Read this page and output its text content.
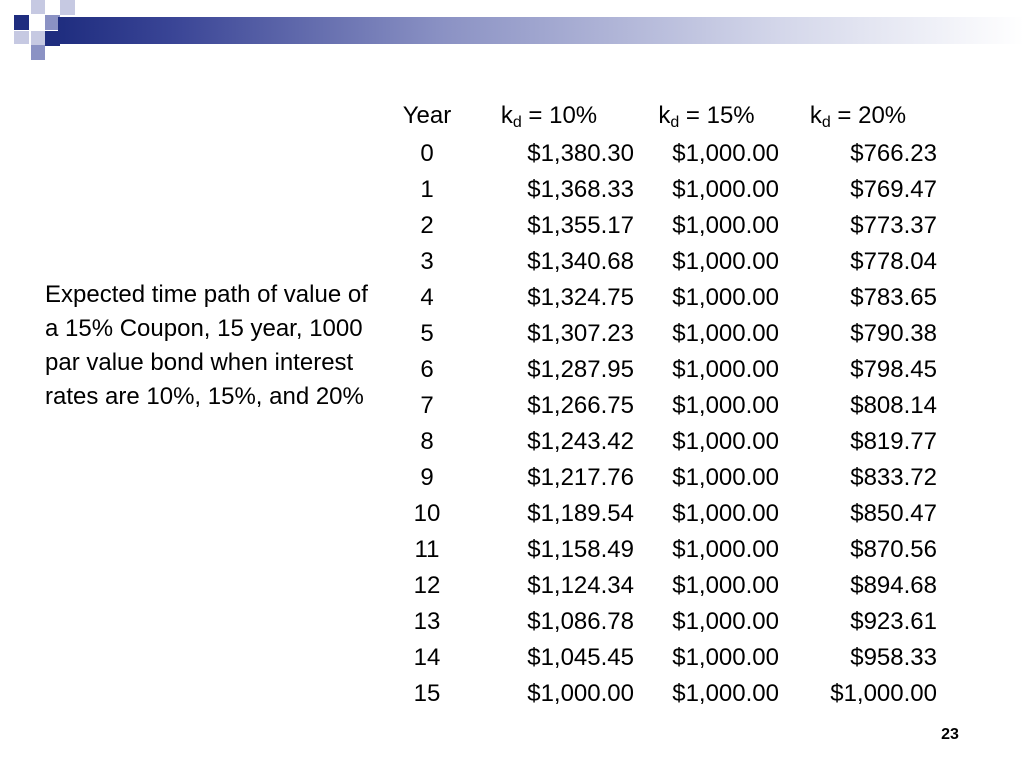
Expected time path of value of a 15% Coupon, 15 year, 1000 par value bond when interest rates are 10%, 15%, and 20%
Year	$k_d = 10\%$	$k_d = 15\%$	$k_d = 20\%$
0	$1,380.30	$1,000.00	$766.23
1	$1,368.33	$1,000.00	$769.47
2	$1,355.17	$1,000.00	$773.37
3	$1,340.68	$1,000.00	$778.04
4	$1,324.75	$1,000.00	$783.65
5	$1,307.23	$1,000.00	$790.38
6	$1,287.95	$1,000.00	$798.45
7	$1,266.75	$1,000.00	$808.14
8	$1,243.42	$1,000.00	$819.77
9	$1,217.76	$1,000.00	$833.72
10	$1,189.54	$1,000.00	$850.47
11	$1,158.49	$1,000.00	$870.56
12	$1,124.34	$1,000.00	$894.68
13	$1,086.78	$1,000.00	$923.61
14	$1,045.45	$1,000.00	$958.33
15	$1,000.00	$1,000.00	$1,000.00
23
